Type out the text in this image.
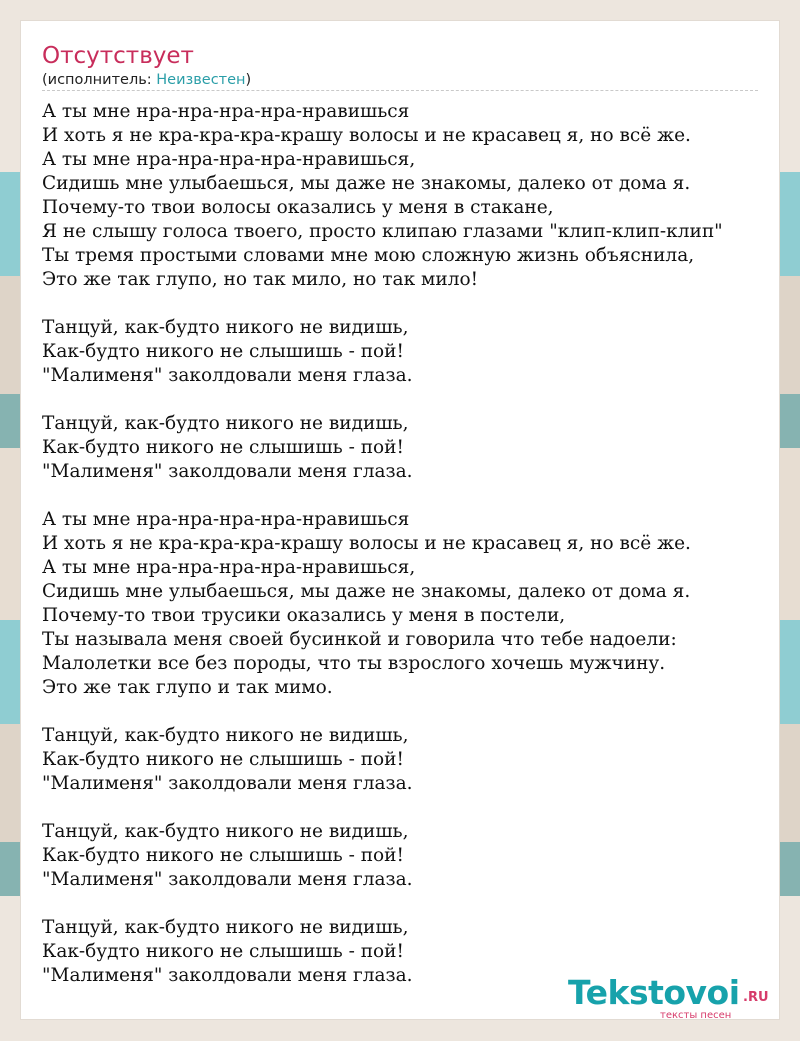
Отсутствует
(исполнитель: Неизвестен)
А ты мне нра-нра-нра-нра-нравишься
И хоть я не кра-кра-кра-крашу волосы и не красавец я, но всё же.
А ты мне нра-нра-нра-нра-нравишься,
Сидишь мне улыбаешься, мы даже не знакомы, далеко от дома я.
Почему-то твои волосы оказались у меня в стакане,
Я не слышу голоса твоего, просто клипаю глазами "клип-клип-клип"
Ты тремя простыми словами мне мою сложную жизнь объяснила,
Это же так глупо, но так мило, но так мило!
Танцуй, как-будто никого не видишь,
Как-будто никого не слышишь - пой!
"Малименя" заколдовали меня глаза.
Танцуй, как-будто никого не видишь,
Как-будто никого не слышишь - пой!
"Малименя" заколдовали меня глаза.
А ты мне нра-нра-нра-нра-нравишься
И хоть я не кра-кра-кра-крашу волосы и не красавец я, но всё же.
А ты мне нра-нра-нра-нра-нравишься,
Сидишь мне улыбаешься, мы даже не знакомы, далеко от дома я.
Почему-то твои трусики оказались у меня в постели,
Ты называла меня своей бусинкой и говорила что тебе надоели:
Малолетки все без породы, что ты взрослого хочешь мужчину.
Это же так глупо и так мимо.
Танцуй, как-будто никого не видишь,
Как-будто никого не слышишь - пой!
"Малименя" заколдовали меня глаза.
Танцуй, как-будто никого не видишь,
Как-будто никого не слышишь - пой!
"Малименя" заколдовали меня глаза.
Танцуй, как-будто никого не видишь,
Как-будто никого не слышишь - пой!
"Малименя" заколдовали меня глаза.	Tekstovoi .RU
тексты песен
